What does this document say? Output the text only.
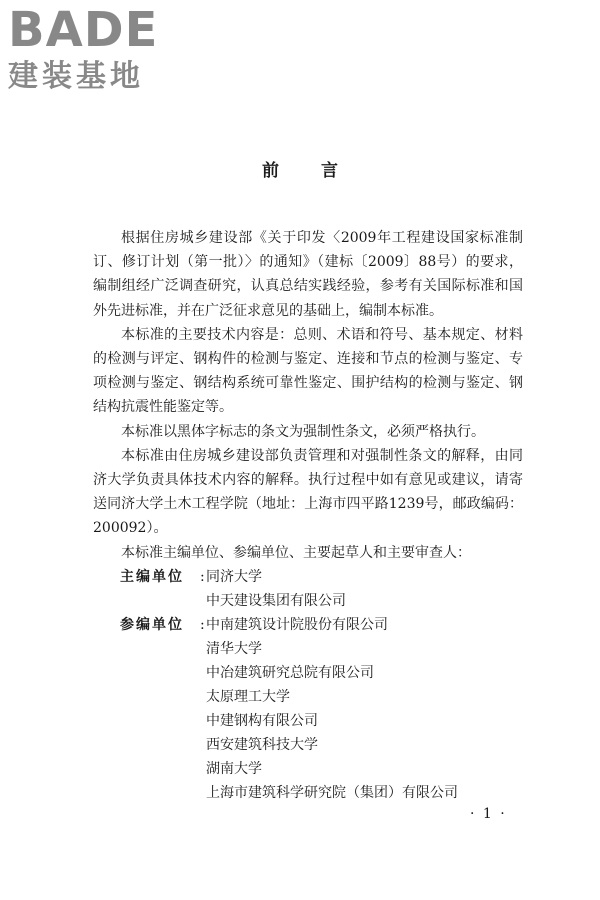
BADE
建装基地
前言

根据住房城乡建设部《关于印发〈2009年工程建设国家标准制订、修订计划（第一批）〉的通知》（建标〔2009〕88号）的要求，编制组经广泛调查研究，认真总结实践经验，参考有关国际标准和国外先进标准，并在广泛征求意见的基础上，编制本标准。

本标准的主要技术内容是：总则、术语和符号、基本规定、材料的检测与评定、钢构件的检测与鉴定、连接和节点的检测与鉴定、专项检测与鉴定、钢结构系统可靠性鉴定、围护结构的检测与鉴定、钢结构抗震性能鉴定等。

本标准以黑体字标志的条文为强制性条文，必须严格执行。

本标准由住房城乡建设部负责管理和对强制性条文的解释，由同济大学负责具体技术内容的解释。执行过程中如有意见或建议，请寄送同济大学土木工程学院（地址：上海市四平路1239号，邮政编码：200092）。

本标准主编单位、参编单位、主要起草人和主要审查人：

主编单位	: 同济大学
中天建设集团有限公司
参编单位	: 中南建筑设计院股份有限公司
清华大学
中冶建筑研究总院有限公司
太原理工大学
中建钢构有限公司
西安建筑科技大学
湖南大学
上海市建筑科学研究院（集团）有限公司
· 1 ·
